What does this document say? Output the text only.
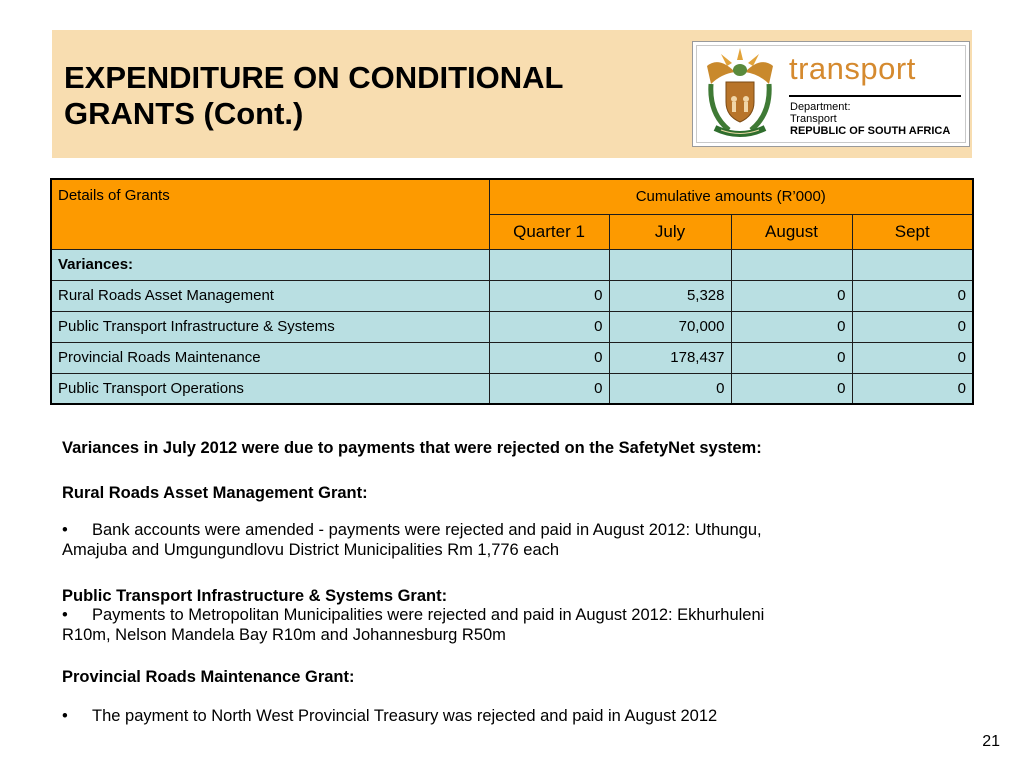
EXPENDITURE ON CONDITIONAL
GRANTS (Cont.)
transport
Department:
Transport
REPUBLIC OF SOUTH AFRICA
Details of Grants	Cumulative amounts (R’000)			
	Quarter 1	July	August	Sept
Variances:				
Rural Roads Asset Management	0	5,328	0	0
Public Transport Infrastructure & Systems	0	70,000	0	0
Provincial Roads Maintenance	0	178,437	0	0
Public Transport Operations	0	0	0	0
Variances in July 2012 were due to payments that were rejected on the SafetyNet system:
Rural Roads Asset Management Grant:
•	Bank accounts were amended - payments were rejected and paid in August 2012: Uthungu,
Amajuba and Umgungundlovu District Municipalities Rm 1,776 each
Public Transport Infrastructure & Systems Grant:
•	Payments to Metropolitan Municipalities were rejected and paid in August 2012: Ekhurhuleni
R10m, Nelson Mandela Bay R10m and Johannesburg R50m
Provincial Roads Maintenance Grant:
•	The payment to North West Provincial Treasury was rejected and paid in August 2012
21
